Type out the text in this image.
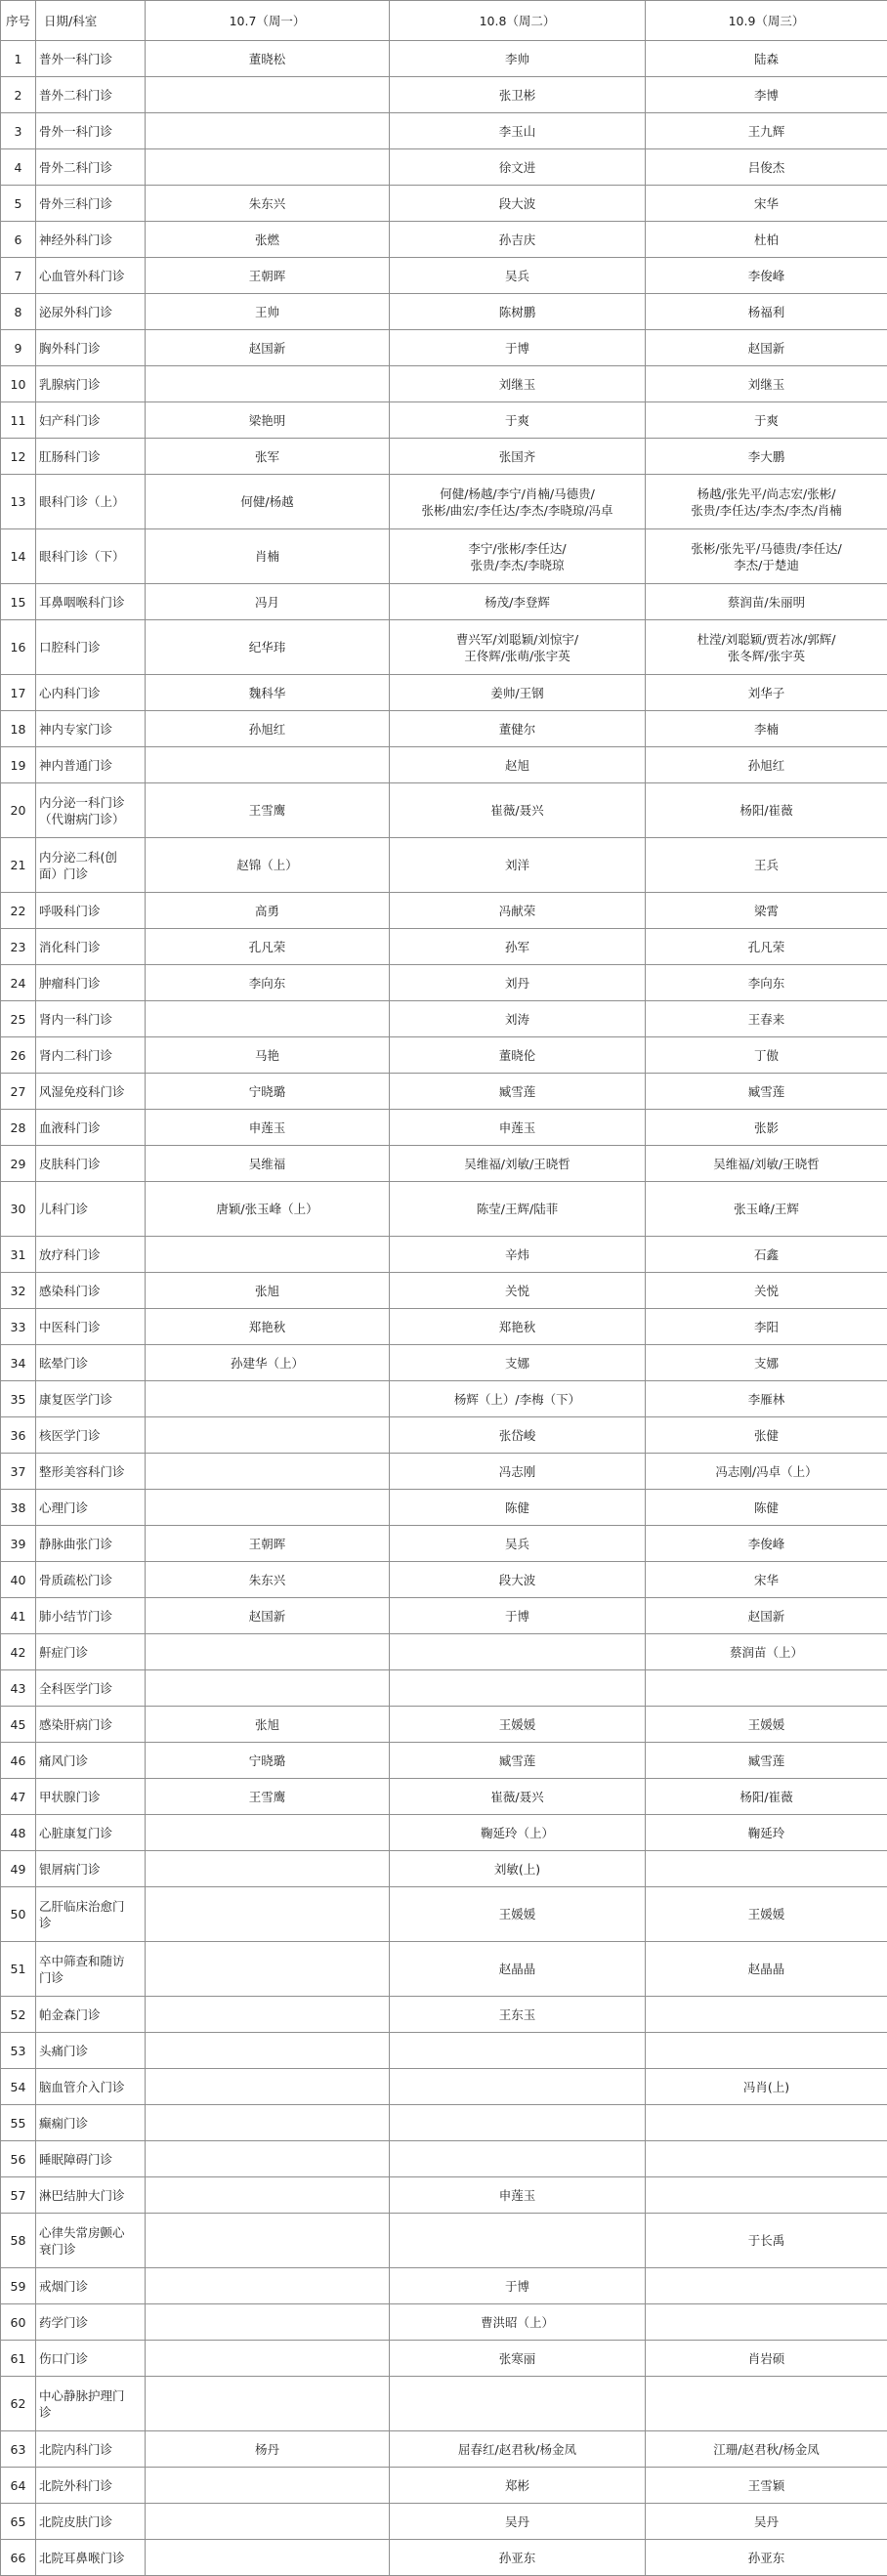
序号	日期/科室	10.7（周一）	10.8（周二）	10.9（周三）
1	普外一科门诊	董晓松	李帅	陆森
2	普外二科门诊		张卫彬	李博
3	骨外一科门诊		李玉山	王九辉
4	骨外二科门诊		徐文进	吕俊杰
5	骨外三科门诊	朱东兴	段大波	宋华
6	神经外科门诊	张燃	孙吉庆	杜柏
7	心血管外科门诊	王朝晖	吴兵	李俊峰
8	泌尿外科门诊	王帅	陈树鹏	杨福利
9	胸外科门诊	赵国新	于博	赵国新
10	乳腺病门诊		刘继玉	刘继玉
11	妇产科门诊	梁艳明	于爽	于爽
12	肛肠科门诊	张军	张国齐	李大鹏
13	眼科门诊（上）	何健/杨越	何健/杨越/李宁/肖楠/马德贵/
张彬/曲宏/李任达/李杰/李晓琼/冯卓	杨越/张先平/尚志宏/张彬/
张贵/李任达/李杰/李杰/肖楠
14	眼科门诊（下）	肖楠	李宁/张彬/李任达/
张贵/李杰/李晓琼	张彬/张先平/马德贵/李任达/
李杰/于楚迪
15	耳鼻咽喉科门诊	冯月	杨茂/李登辉	蔡润苗/朱丽明
16	口腔科门诊	纪华玮	曹兴军/刘聪颖/刘惊宇/
王佟辉/张萌/张宇英	杜滢/刘聪颖/贾若冰/郭辉/
张冬辉/张宇英
17	心内科门诊	魏科华	姜帅/王钢	刘华子
18	神内专家门诊	孙旭红	董健尔	李楠
19	神内普通门诊		赵旭	孙旭红
20	内分泌一科门诊
（代谢病门诊）	王雪鹰	崔薇/聂兴	杨阳/崔薇
21	内分泌二科(创
面）门诊	赵锦（上）	刘洋	王兵
22	呼吸科门诊	高勇	冯献荣	梁霄
23	消化科门诊	孔凡荣	孙军	孔凡荣
24	肿瘤科门诊	李向东	刘丹	李向东
25	肾内一科门诊		刘涛	王春来
26	肾内二科门诊	马艳	董晓伦	丁傲
27	风湿免疫科门诊	宁晓璐	臧雪莲	臧雪莲
28	血液科门诊	申莲玉	申莲玉	张影
29	皮肤科门诊	吴维福	吴维福/刘敏/王晓哲	吴维福/刘敏/王晓哲
30	儿科门诊	唐颖/张玉峰（上）	陈莹/王辉/陆菲	张玉峰/王辉
31	放疗科门诊		辛炜	石鑫
32	感染科门诊	张旭	关悦	关悦
33	中医科门诊	郑艳秋	郑艳秋	李阳
34	眩晕门诊	孙建华（上）	支娜	支娜
35	康复医学门诊		杨辉（上）/李梅（下）	李雁林
36	核医学门诊		张岱峻	张健
37	整形美容科门诊		冯志刚	冯志刚/冯卓（上）
38	心理门诊		陈健	陈健
39	静脉曲张门诊	王朝晖	吴兵	李俊峰
40	骨质疏松门诊	朱东兴	段大波	宋华
41	肺小结节门诊	赵国新	于博	赵国新
42	鼾症门诊			蔡润苗（上）
43	全科医学门诊			
45	感染肝病门诊	张旭	王媛媛	王媛媛
46	痛风门诊	宁晓璐	臧雪莲	臧雪莲
47	甲状腺门诊	王雪鹰	崔薇/聂兴	杨阳/崔薇
48	心脏康复门诊		鞠延玲（上）	鞠延玲
49	银屑病门诊		刘敏(上)	
50	乙肝临床治愈门
诊		王媛媛	王媛媛
51	卒中筛查和随访
门诊		赵晶晶	赵晶晶
52	帕金森门诊		王东玉	
53	头痛门诊			
54	脑血管介入门诊			冯肖(上)
55	癫痫门诊			
56	睡眠障碍门诊			
57	淋巴结肿大门诊		申莲玉	
58	心律失常房颤心
衰门诊			于长禹
59	戒烟门诊		于博	
60	药学门诊		曹洪昭（上）	
61	伤口门诊		张寒丽	肖岩硕
62	中心静脉护理门
诊			
63	北院内科门诊	杨丹	屈春红/赵君秋/杨金凤	江珊/赵君秋/杨金凤
64	北院外科门诊		郑彬	王雪颖
65	北院皮肤门诊		吴丹	吴丹
66	北院耳鼻喉门诊		孙亚东	孙亚东
